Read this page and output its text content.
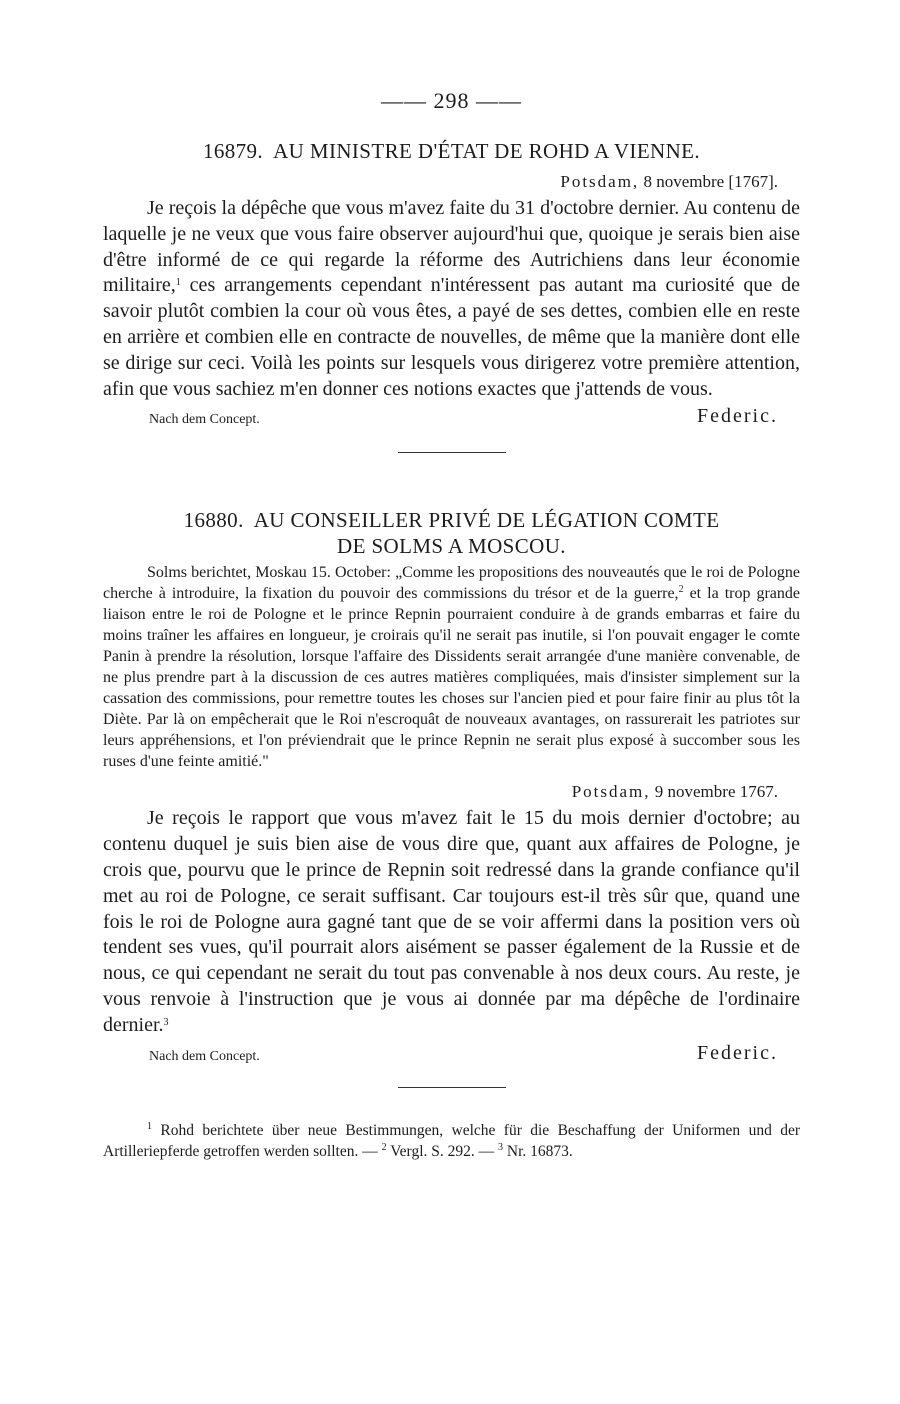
—— 298 ——
16879. AU MINISTRE D'ÉTAT DE ROHD A VIENNE.
Potsdam, 8 novembre [1767].

Je reçois la dépêche que vous m'avez faite du 31 d'octobre dernier. Au contenu de laquelle je ne veux que vous faire observer aujourd'hui que, quoique je serais bien aise d'être informé de ce qui regarde la réforme des Autrichiens dans leur économie militaire,$^1$ ces arrangements cependant n'intéressent pas autant ma curiosité que de savoir plutôt combien la cour où vous êtes, a payé de ses dettes, combien elle en reste en arrière et combien elle en contracte de nouvelles, de même que la manière dont elle se dirige sur ceci. Voilà les points sur lesquels vous dirigerez votre première attention, afin que vous sachiez m'en donner ces notions exactes que j'attends de vous.

Nach dem Concept.	Federic.
16880. AU CONSEILLER PRIVÉ DE LÉGATION COMTE
DE SOLMS A MOSCOU.

Solms berichtet, Moskau 15. October: „Comme les propositions des nouveautés que le roi de Pologne cherche à introduire, la fixation du pouvoir des commissions du trésor et de la guerre,$^2$ et la trop grande liaison entre le roi de Pologne et le prince Repnin pourraient conduire à de grands embarras et faire du moins traîner les affaires en longueur, je croirais qu'il ne serait pas inutile, si l'on pouvait engager le comte Panin à prendre la résolution, lorsque l'affaire des Dissidents serait arrangée d'une manière convenable, de ne plus prendre part à la discussion de ces autres matières compliquées, mais d'insister simplement sur la cassation des commissions, pour remettre toutes les choses sur l'ancien pied et pour faire finir au plus tôt la Diète. Par là on empêcherait que le Roi n'escroquât de nouveaux avantages, on rassurerait les patriotes sur leurs appréhensions, et l'on préviendrait que le prince Repnin ne serait plus exposé à succomber sous les ruses d'une feinte amitié."

Potsdam, 9 novembre 1767.

Je reçois le rapport que vous m'avez fait le 15 du mois dernier d'octobre; au contenu duquel je suis bien aise de vous dire que, quant aux affaires de Pologne, je crois que, pourvu que le prince de Repnin soit redressé dans la grande confiance qu'il met au roi de Pologne, ce serait suffisant. Car toujours est-il très sûr que, quand une fois le roi de Pologne aura gagné tant que de se voir affermi dans la position vers où tendent ses vues, qu'il pourrait alors aisément se passer également de la Russie et de nous, ce qui cependant ne serait du tout pas convenable à nos deux cours. Au reste, je vous renvoie à l'instruction que je vous ai donnée par ma dépêche de l'ordinaire dernier.$^3$

Nach dem Concept.	Federic.

$^1$ Rohd berichtete über neue Bestimmungen, welche für die Beschaffung der Uniformen und der Artilleriepferde getroffen werden sollten. — $^2$ Vergl. S. 292. — $^3$ Nr. 16873.
